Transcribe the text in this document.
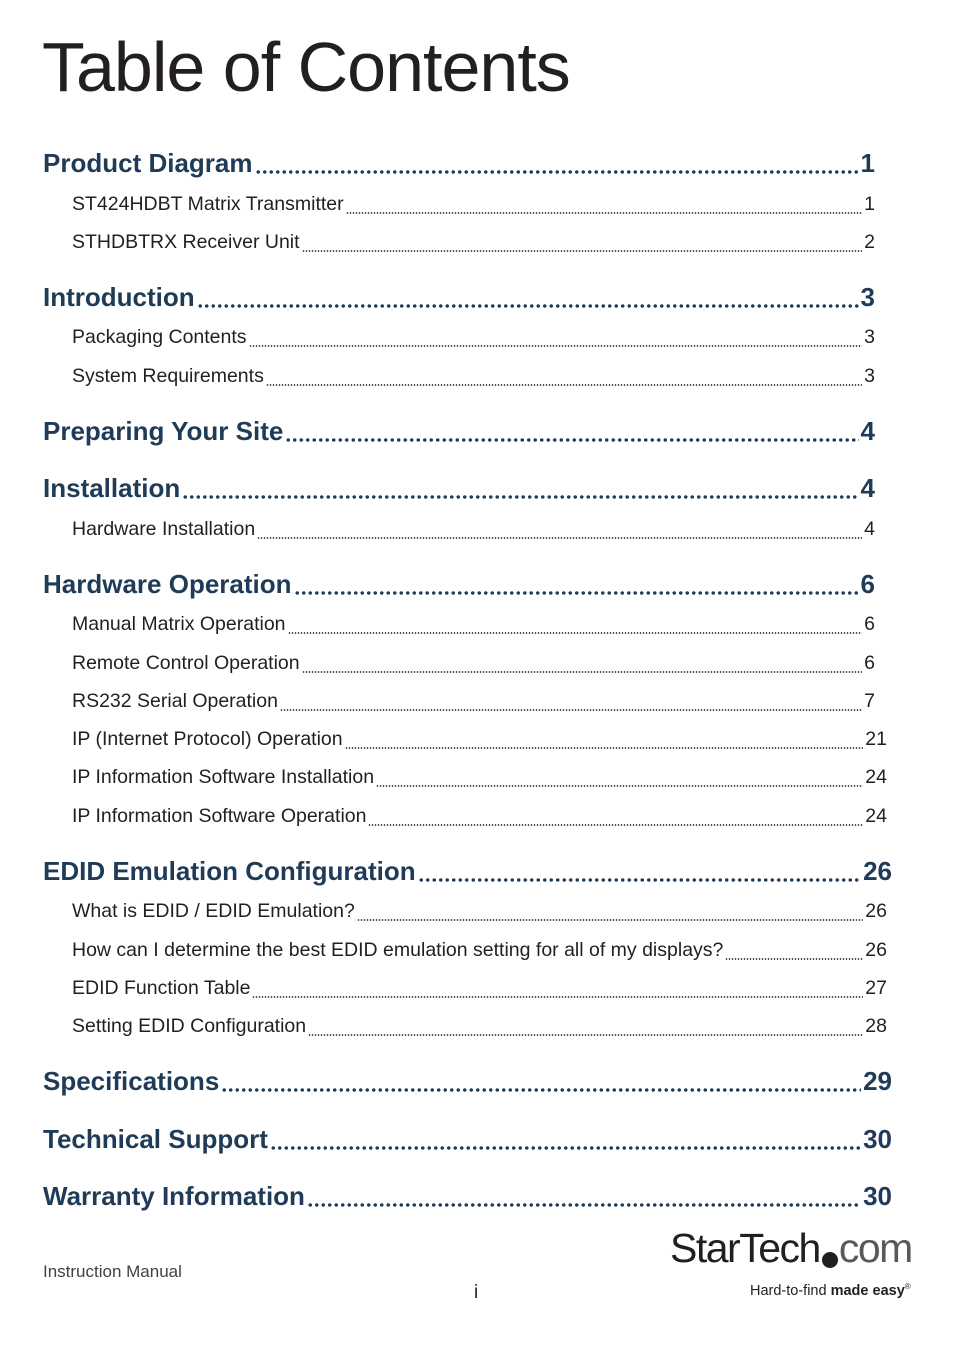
Table of Contents
Product Diagram	1
ST424HDBT Matrix Transmitter	1
STHDBTRX Receiver Unit	2
Introduction	3
Packaging Contents	3
System Requirements	3
Preparing Your Site	4
Installation	4
Hardware Installation	4
Hardware Operation	6
Manual Matrix Operation	6
Remote Control Operation	6
RS232 Serial Operation	7
IP (Internet Protocol) Operation	21
IP Information Software Installation	24
IP Information Software Operation	24
EDID Emulation Configuration	26
What is EDID / EDID Emulation?	26
How can I determine the best EDID emulation setting for all of my displays?	26
EDID Function Table	27
Setting EDID Configuration	28
Specifications	29
Technical Support	30
Warranty Information	30
Instruction Manual
i
StarTech com
Hard-to-find made easy®
